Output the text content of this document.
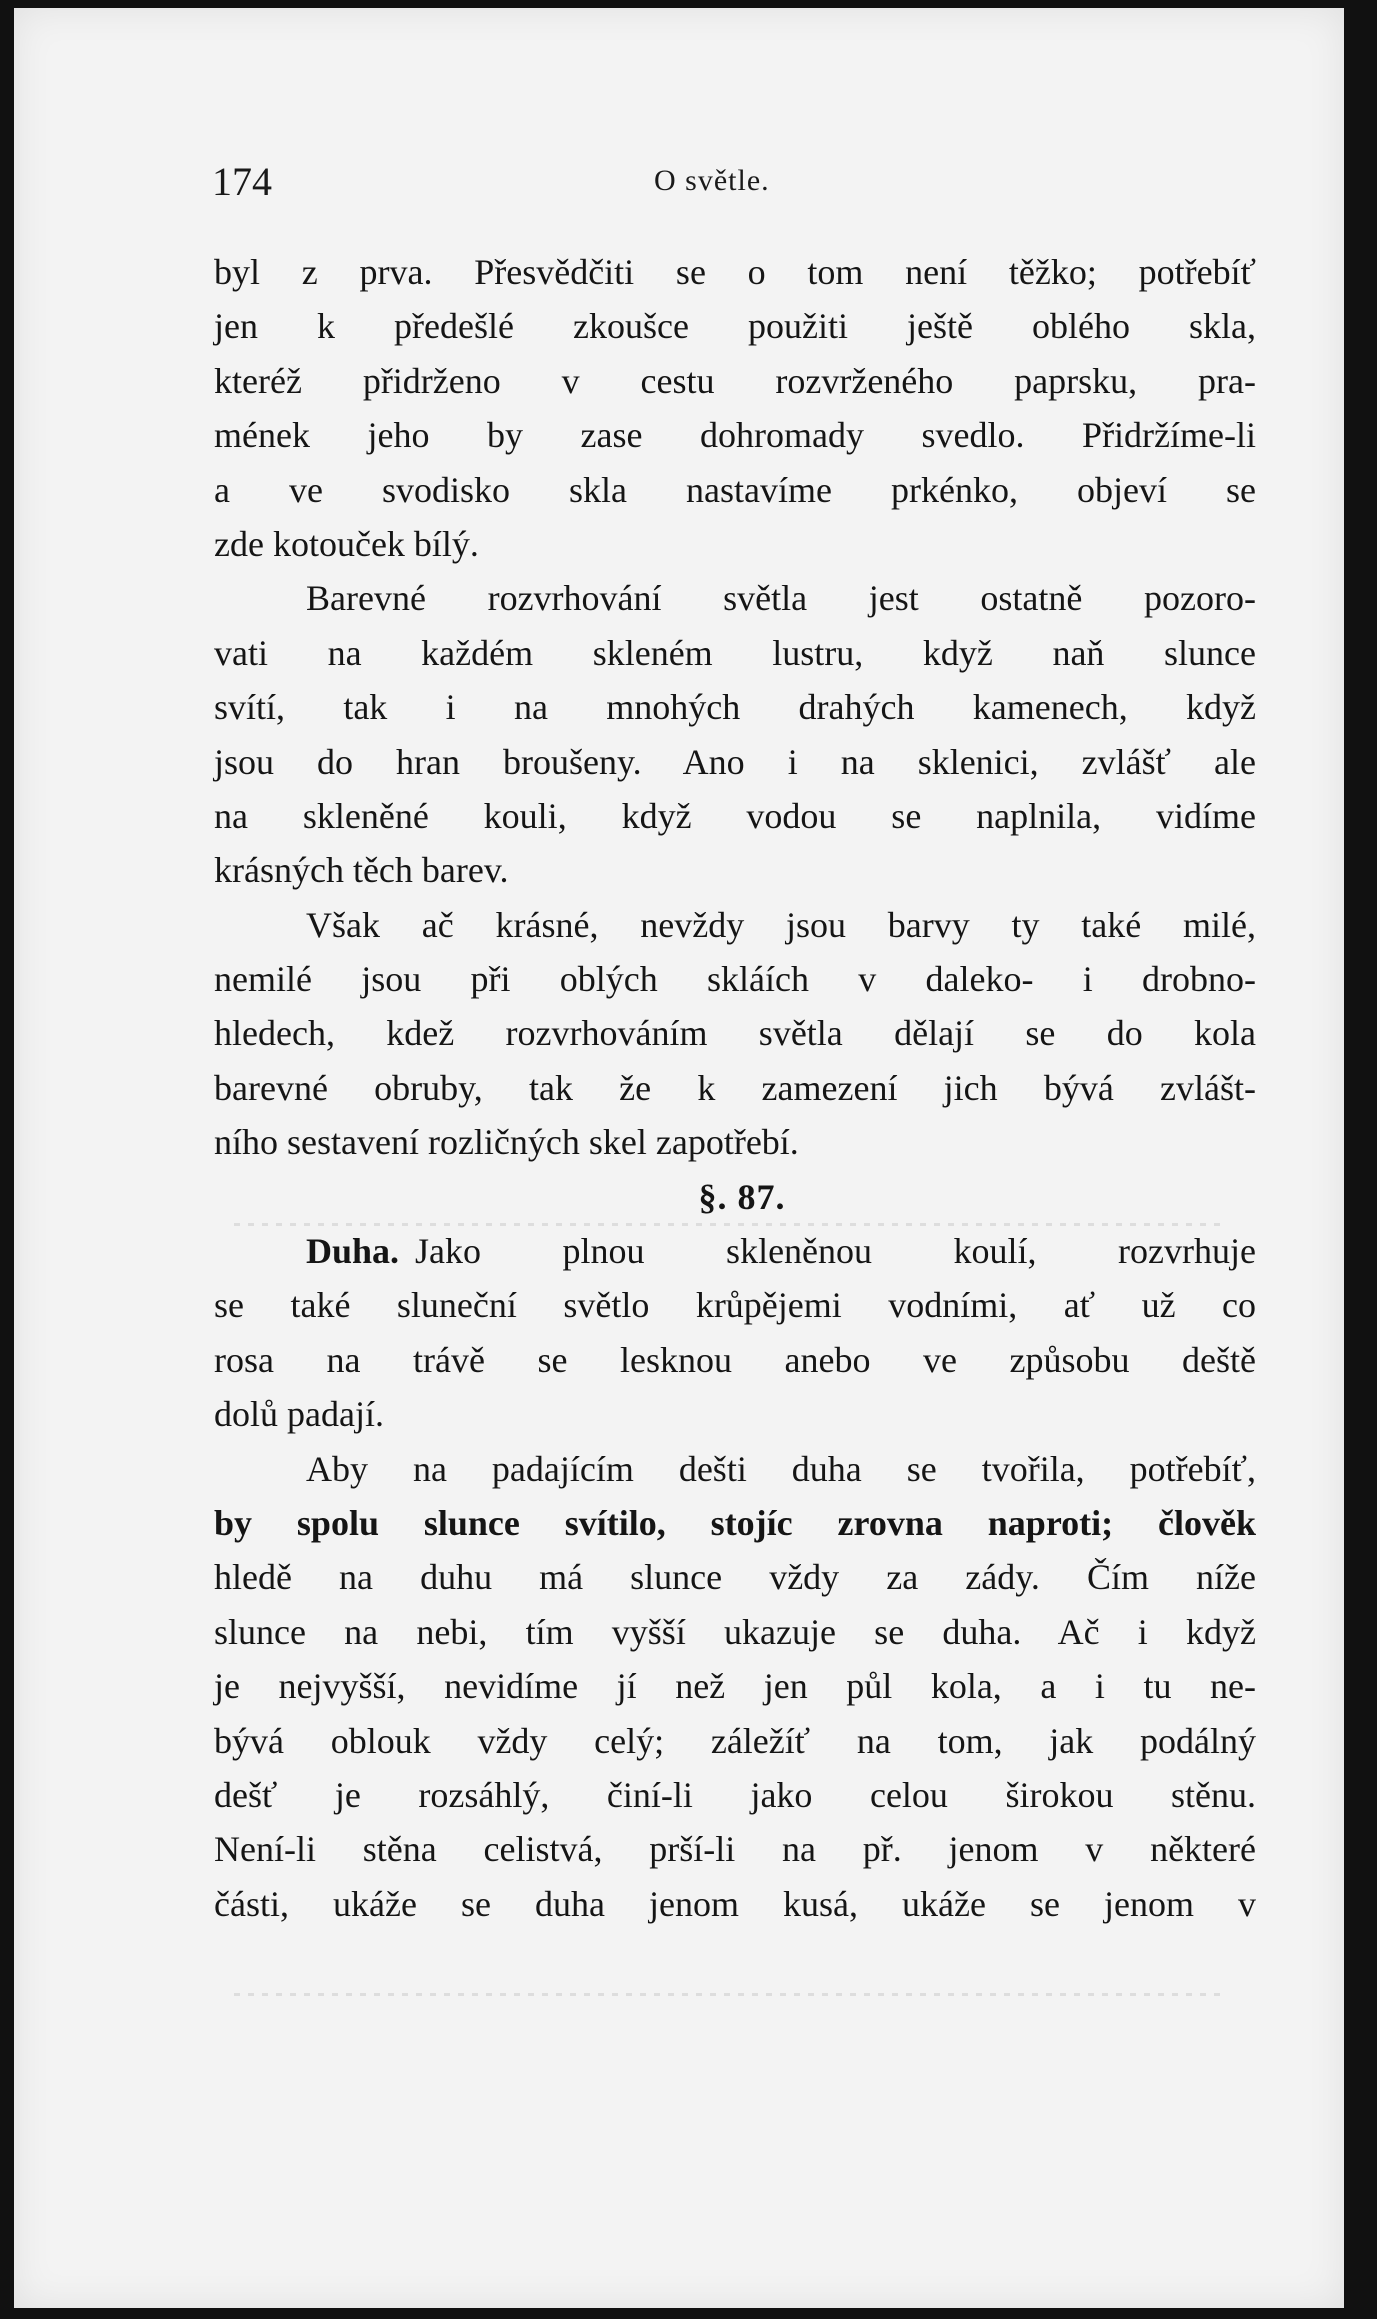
174	O světle.
byl z prva. Přesvědčiti se o tom není těžko; potřebíť
jen k předešlé zkoušce použiti ještě oblého skla,
kteréž přidrženo v cestu rozvrženého paprsku, pra-
mének jeho by zase dohromady svedlo. Přidržíme-li
a ve svodisko skla nastavíme prkénko, objeví se
zde kotouček bílý.
Barevné rozvrhování světla jest ostatně pozoro-
vati na každém skleném lustru, když naň slunce
svítí, tak i na mnohých drahých kamenech, když
jsou do hran broušeny. Ano i na sklenici, zvlášť ale
na skleněné kouli, když vodou se naplnila, vidíme
krásných těch barev.
Však ač krásné, nevždy jsou barvy ty také milé,
nemilé jsou při oblých skláích v daleko- i drobno-
hledech, kdež rozvrhováním světla dělají se do kola
barevné obruby, tak že k zamezení jich bývá zvlášt-
ního sestavení rozličných skel zapotřebí.
§. 87.
Duha. Jako plnou skleněnou koulí, rozvrhuje
se také sluneční světlo krůpějemi vodními, ať už co
rosa na trávě se lesknou anebo ve způsobu deště
dolů padají.
Aby na padajícím dešti duha se tvořila, potřebíť,
by spolu slunce svítilo, stojíc zrovna naproti; člověk
hledě na duhu má slunce vždy za zády. Čím níže
slunce na nebi, tím vyšší ukazuje se duha. Ač i když
je nejvyšší, nevidíme jí než jen půl kola, a i tu ne-
bývá oblouk vždy celý; záležíť na tom, jak podálný
dešť je rozsáhlý, činí-li jako celou širokou stěnu.
Není-li stěna celistvá, prší-li na př. jenom v některé
části, ukáže se duha jenom kusá, ukáže se jenom v
